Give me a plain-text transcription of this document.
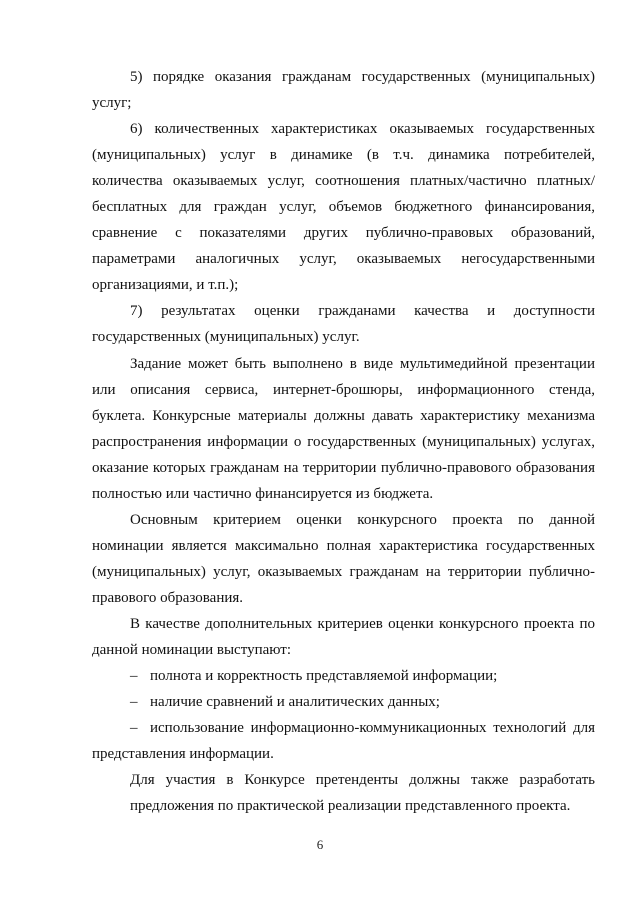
5) порядке оказания гражданам государственных (муниципальных) услуг;

6) количественных характеристиках оказываемых государственных (муниципальных) услуг в динамике (в т.ч. динамика потребителей, количества оказываемых услуг, соотношения платных/частично платных/бесплатных для граждан услуг, объемов бюджетного финансирования, сравнение с показателями других публично-правовых образований, параметрами аналогичных услуг, оказываемых негосударственными организациями, и т.п.);

7) результатах оценки гражданами качества и доступности государственных (муниципальных) услуг.

Задание может быть выполнено в виде мультимедийной презентации или описания сервиса, интернет-брошюры, информационного стенда, буклета. Конкурсные материалы должны давать характеристику механизма распространения информации о государственных (муниципальных) услугах, оказание которых гражданам на территории публично-правового образования полностью или частично финансируется из бюджета.

Основным критерием оценки конкурсного проекта по данной номинации является максимально полная характеристика государственных (муниципальных) услуг, оказываемых гражданам на территории публично-правового образования.

В качестве дополнительных критериев оценки конкурсного проекта по данной номинации выступают:

– полнота и корректность представляемой информации;

– наличие сравнений и аналитических данных;

– использование информационно-коммуникационных технологий для представления информации.

Для участия в Конкурсе претенденты должны также разработать предложения по практической реализации представленного проекта.

6
